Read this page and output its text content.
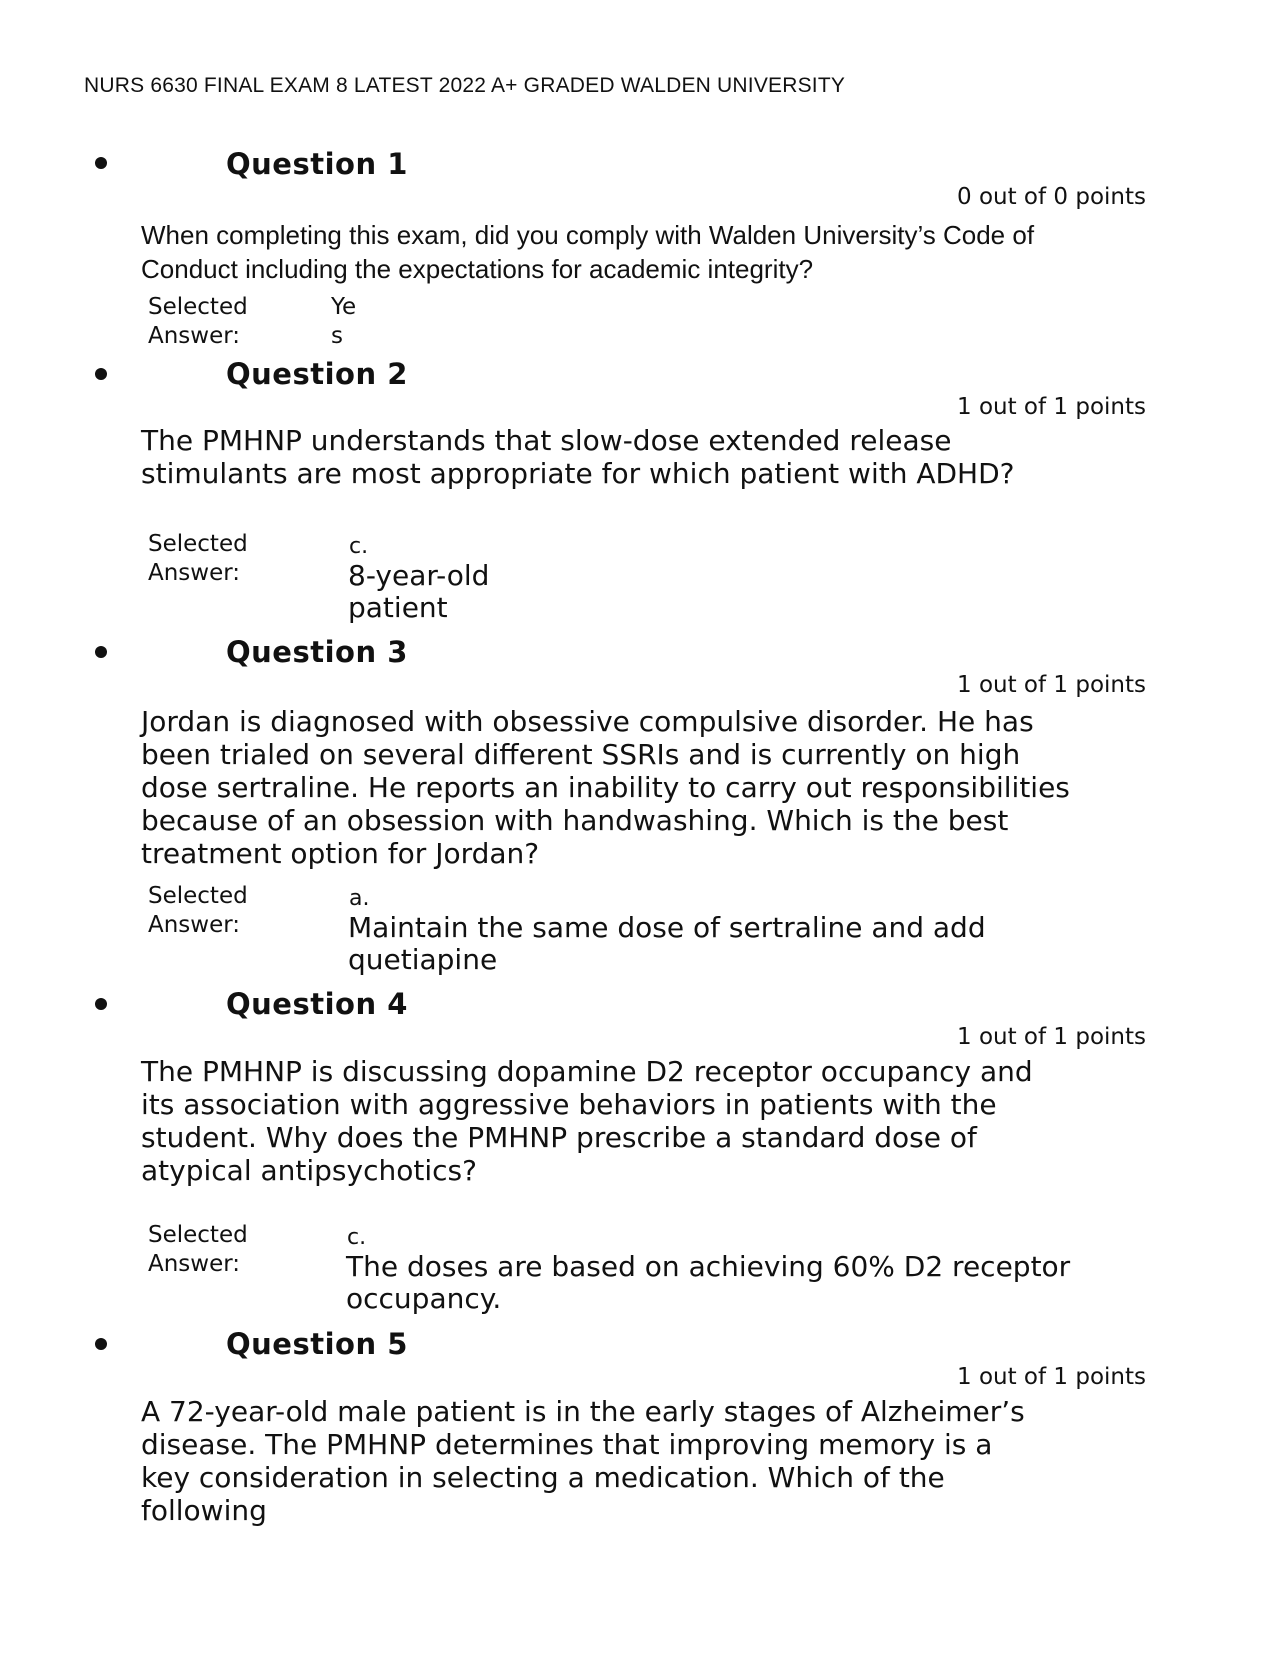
NURS 6630 FINAL EXAM 8 LATEST 2022 A+ GRADED WALDEN UNIVERSITY
Question 1
0 out of 0 points
When completing this exam, did you comply with Walden University’s Code of Conduct including the expectations for academic integrity?
Selected
Answer:
Ye
s
Question 2
1 out of 1 points
The PMHNP understands that slow-dose extended release stimulants are most appropriate for which patient with ADHD?
Selected
Answer:
c.
8-year-old patient
Question 3
1 out of 1 points
Jordan is diagnosed with obsessive compulsive disorder. He has been trialed on several different SSRIs and is currently on high dose sertraline. He reports an inability to carry out responsibilities because of an obsession with handwashing. Which is the best treatment option for Jordan?
Selected
Answer:
a.
Maintain the same dose of sertraline and add quetiapine
Question 4
1 out of 1 points
The PMHNP is discussing dopamine D2 receptor occupancy and its association with aggressive behaviors in patients with the student. Why does the PMHNP prescribe a standard dose of atypical antipsychotics?
Selected
Answer:
c.
The doses are based on achieving 60% D2 receptor occupancy.
Question 5
1 out of 1 points
A 72-year-old male patient is in the early stages of Alzheimer’s disease. The PMHNP determines that improving memory is a key consideration in selecting a medication. Which of the following
